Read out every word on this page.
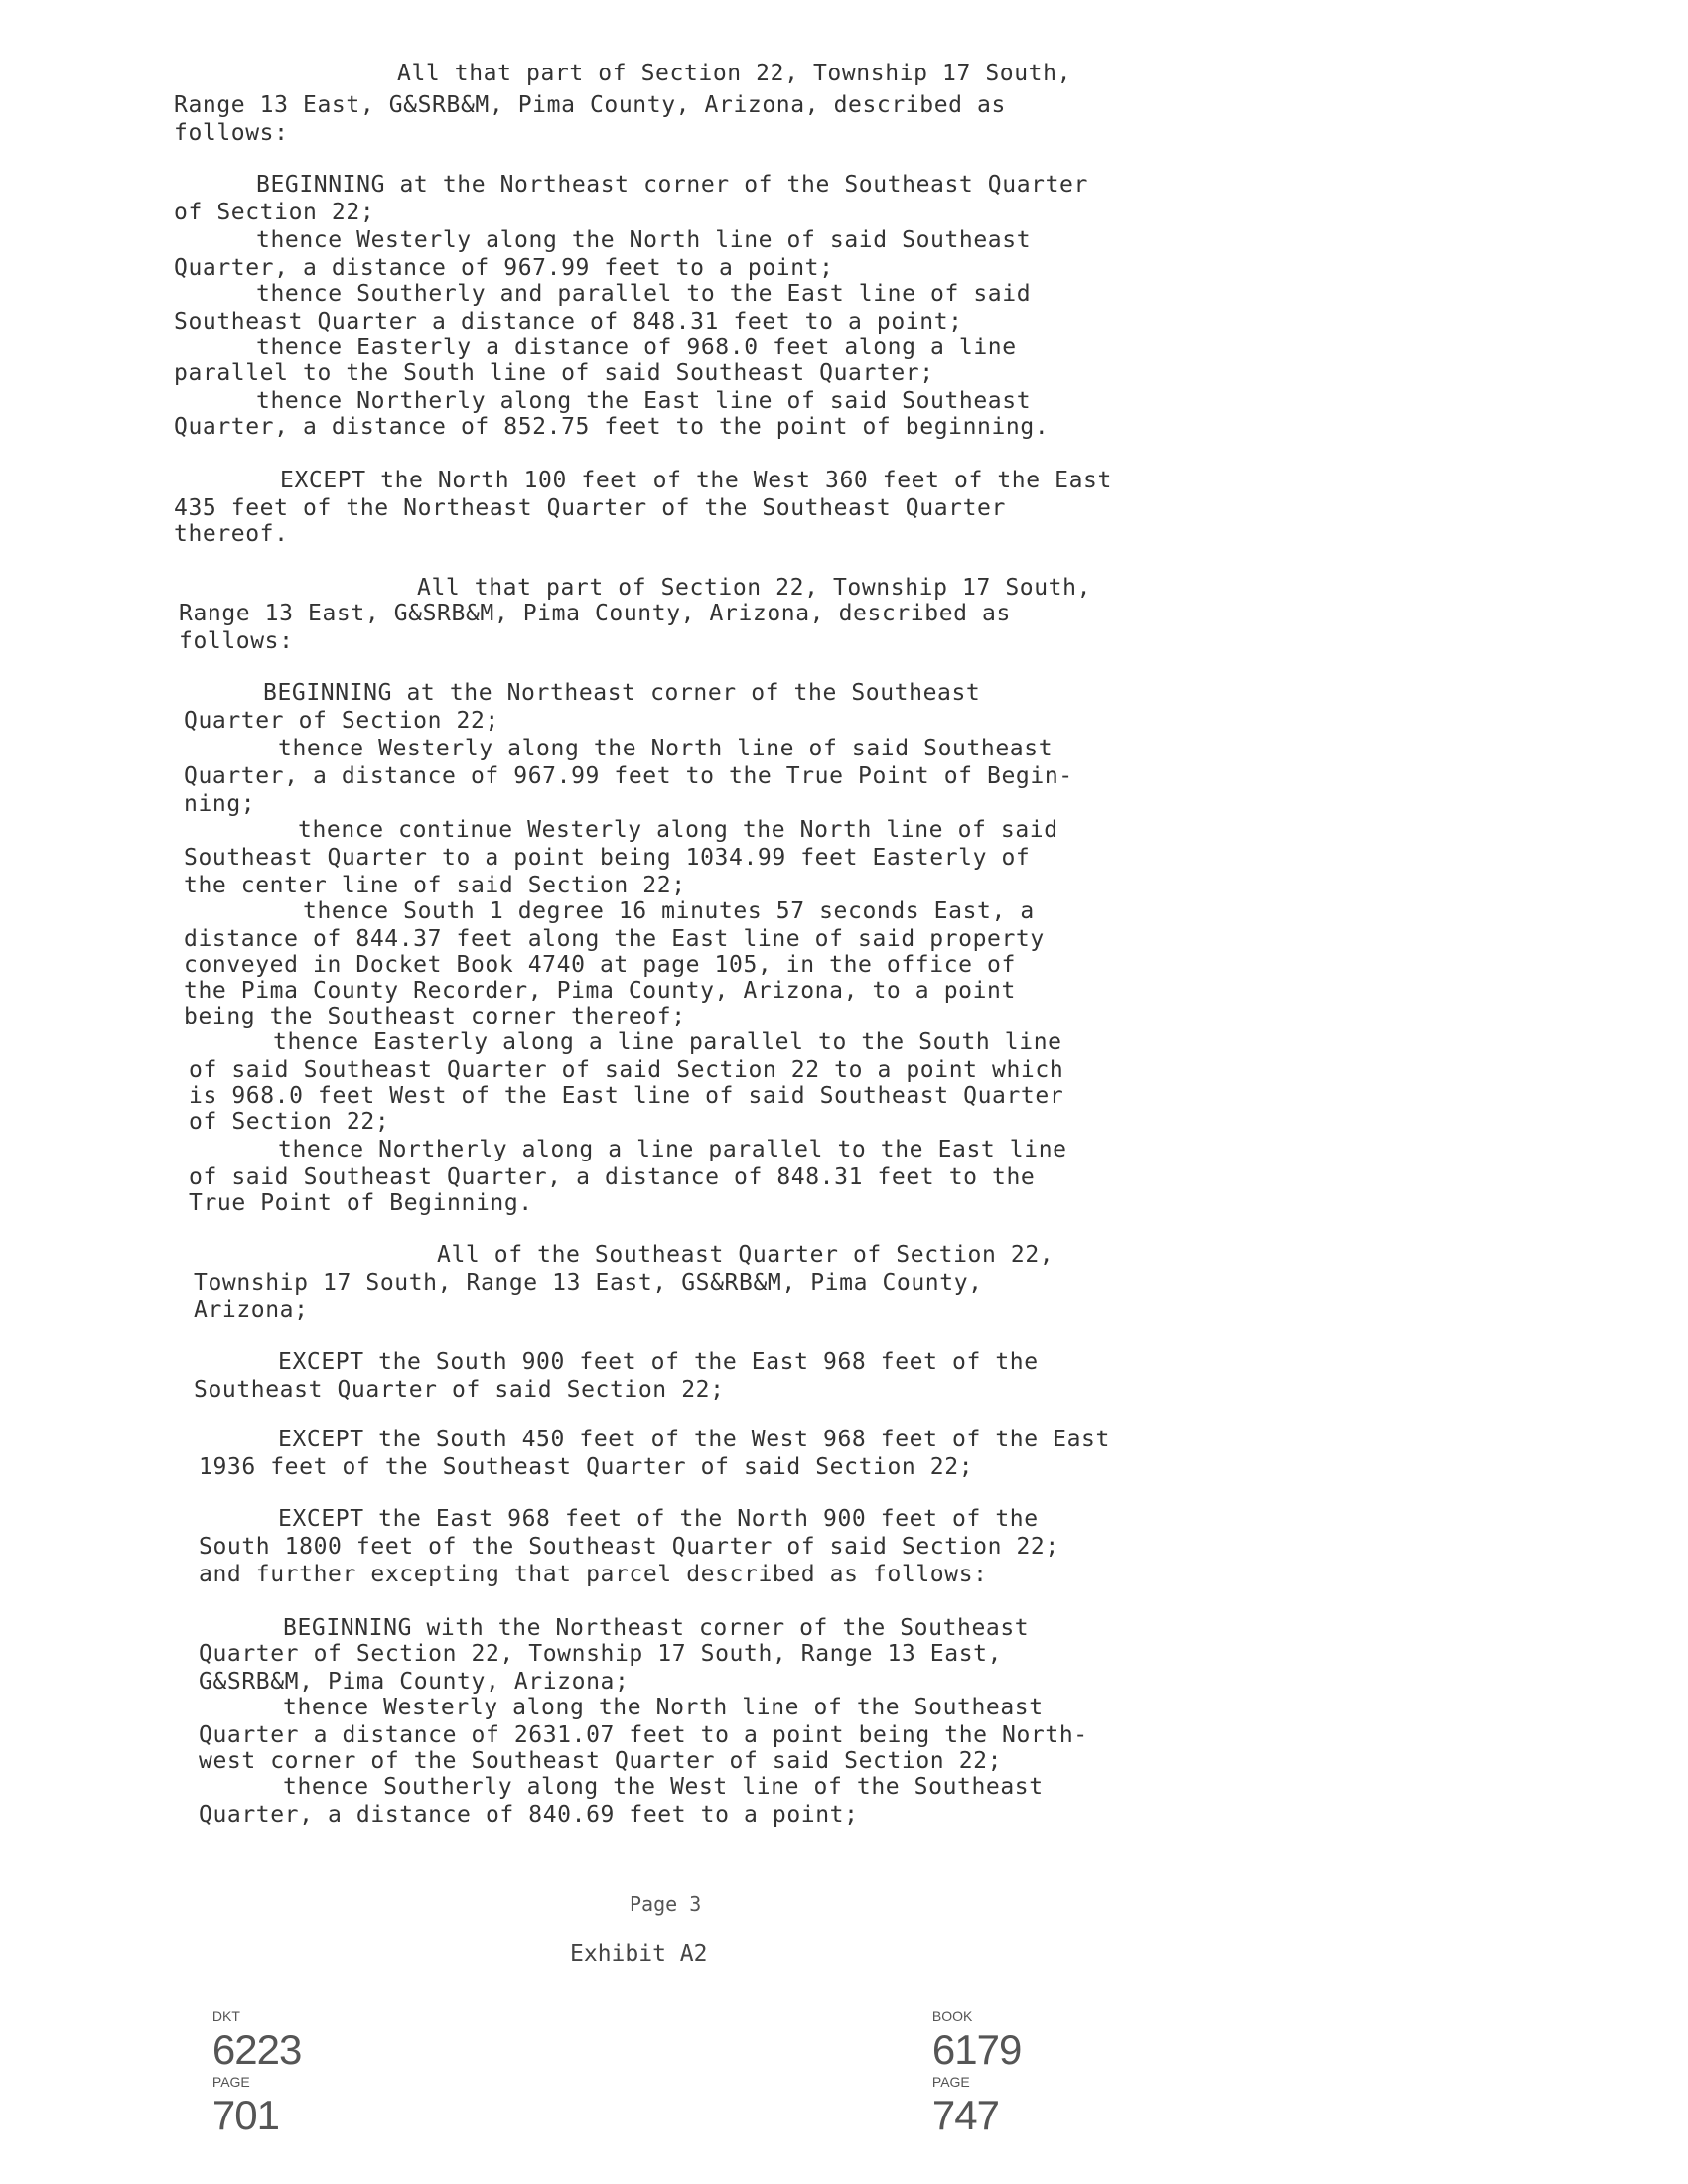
All that part of Section 22, Township 17 South,
Range 13 East, G&SRB&M, Pima County, Arizona, described as
follows:
BEGINNING at the Northeast corner of the Southeast Quarter
of Section 22;
thence Westerly along the North line of said Southeast
Quarter, a distance of 967.99 feet to a point;
thence Southerly and parallel to the East line of said
Southeast Quarter a distance of 848.31 feet to a point;
thence Easterly a distance of 968.0 feet along a line
parallel to the South line of said Southeast Quarter;
thence Northerly along the East line of said Southeast
Quarter, a distance of 852.75 feet to the point of beginning.
EXCEPT the North 100 feet of the West 360 feet of the East
435 feet of the Northeast Quarter of the Southeast Quarter
thereof.
All that part of Section 22, Township 17 South,
Range 13 East, G&SRB&M, Pima County, Arizona, described as
follows:
BEGINNING at the Northeast corner of the Southeast
Quarter of Section 22;
thence Westerly along the North line of said Southeast
Quarter, a distance of 967.99 feet to the True Point of Begin-
ning;
thence continue Westerly along the North line of said
Southeast Quarter to a point being 1034.99 feet Easterly of
the center line of said Section 22;
thence South 1 degree 16 minutes 57 seconds East, a
distance of 844.37 feet along the East line of said property
conveyed in Docket Book 4740 at page 105, in the office of
the Pima County Recorder, Pima County, Arizona, to a point
being the Southeast corner thereof;
thence Easterly along a line parallel to the South line
of said Southeast Quarter of said Section 22 to a point which
is 968.0 feet West of the East line of said Southeast Quarter
of Section 22;
thence Northerly along a line parallel to the East line
of said Southeast Quarter, a distance of 848.31 feet to the
True Point of Beginning.
All of the Southeast Quarter of Section 22,
Township 17 South, Range 13 East, GS&RB&M, Pima County,
Arizona;
EXCEPT the South 900 feet of the East 968 feet of the
Southeast Quarter of said Section 22;
EXCEPT the South 450 feet of the West 968 feet of the East
1936 feet of the Southeast Quarter of said Section 22;
EXCEPT the East 968 feet of the North 900 feet of the
South 1800 feet of the Southeast Quarter of said Section 22;
and further excepting that parcel described as follows:
BEGINNING with the Northeast corner of the Southeast
Quarter of Section 22, Township 17 South, Range 13 East,
G&SRB&M, Pima County, Arizona;
thence Westerly along the North line of the Southeast
Quarter a distance of 2631.07 feet to a point being the North-
west corner of the Southeast Quarter of said Section 22;
thence Southerly along the West line of the Southeast
Quarter, a distance of 840.69 feet to a point;
Page 3
Exhibit A2

DKT
6223
PAGE
701

BOOK
6179
PAGE
747
